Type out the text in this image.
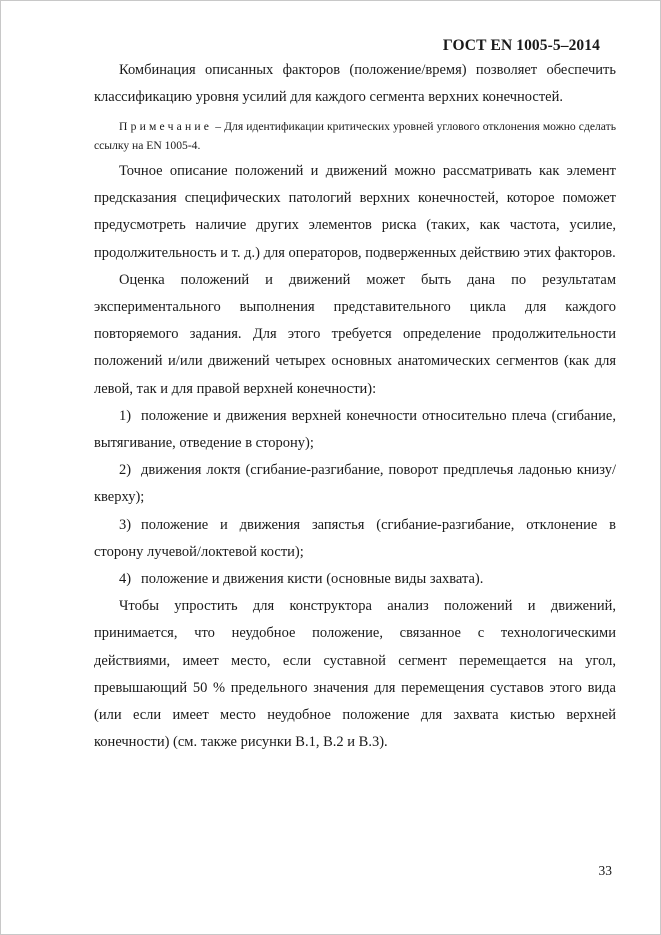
ГОСТ EN 1005-5–2014

Комбинация описанных факторов (положение/время) позволяет обеспечить классификацию уровня усилий для каждого сегмента верхних конечностей.

Примечание – Для идентификации критических уровней углового отклонения можно сделать ссылку на EN 1005-4.

Точное описание положений и движений можно рассматривать как элемент предсказания специфических патологий верхних конечностей, которое поможет предусмотреть наличие других элементов риска (таких, как частота, усилие, продолжительность и т. д.) для операторов, подверженных действию этих факторов.

Оценка положений и движений может быть дана по результатам экспериментального выполнения представительного цикла для каждого повторяемого задания. Для этого требуется определение продолжительности положений и/или движений четырех основных анатомических сегментов (как для левой, так и для правой верхней конечности):

1) положение и движения верхней конечности относительно плеча (сгибание, вытягивание, отведение в сторону);

2) движения локтя (сгибание-разгибание, поворот предплечья ладонью книзу/кверху);

3) положение и движения запястья (сгибание-разгибание, отклонение в сторону лучевой/локтевой кости);

4) положение и движения кисти (основные виды захвата).

Чтобы упростить для конструктора анализ положений и движений, принимается, что неудобное положение, связанное с технологическими действиями, имеет место, если суставной сегмент перемещается на угол, превышающий 50 % предельного значения для перемещения суставов этого вида (или если имеет место неудобное положение для захвата кистью верхней конечности) (см. также рисунки B.1, B.2 и B.3).

33
